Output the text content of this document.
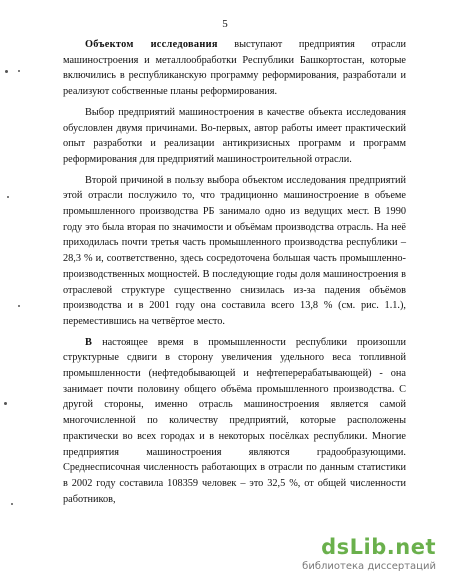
5

Объектом исследования выступают предприятия отрасли машиностроения и металлообработки Республики Башкортостан, которые включились в республиканскую программу реформирования, разработали и реализуют собственные планы реформирования.

Выбор предприятий машиностроения в качестве объекта исследования обусловлен двумя причинами. Во-первых, автор работы имеет практический опыт разработки и реализации антикризисных программ и программ реформирования для предприятий машиностроительной отрасли.

Второй причиной в пользу выбора объектом исследования предприятий этой отрасли послужило то, что традиционно машиностроение в объеме промышленного производства РБ занимало одно из ведущих мест. В 1990 году это была вторая по значимости и объёмам производства отрасль. На неё приходилась почти третья часть промышленного производства республики – 28,3 % и, соответственно, здесь сосредоточена большая часть промышленно-производственных мощностей. В последующие годы доля машиностроения в отраслевой структуре существенно снизилась из-за падения объёмов производства и в 2001 году она составила всего 13,8 % (см. рис. 1.1.), переместившись на четвёртое место.

В настоящее время в промышленности республики произошли структурные сдвиги в сторону увеличения удельного веса топливной промышленности (нефтедобывающей и нефтеперерабатывающей) - она занимает почти половину общего объёма промышленного производства. С другой стороны, именно отрасль машиностроения является самой многочисленной по количеству предприятий, которые расположены практически во всех городах и в некоторых посёлках республики. Многие предприятия машиностроения являются градообразующими. Среднесписочная численность работающих в отрасли по данным статистики в 2002 году составила 108359 человек – это 32,5 %, от общей численности работников,

dsLib.net
библиотека диссертаций
